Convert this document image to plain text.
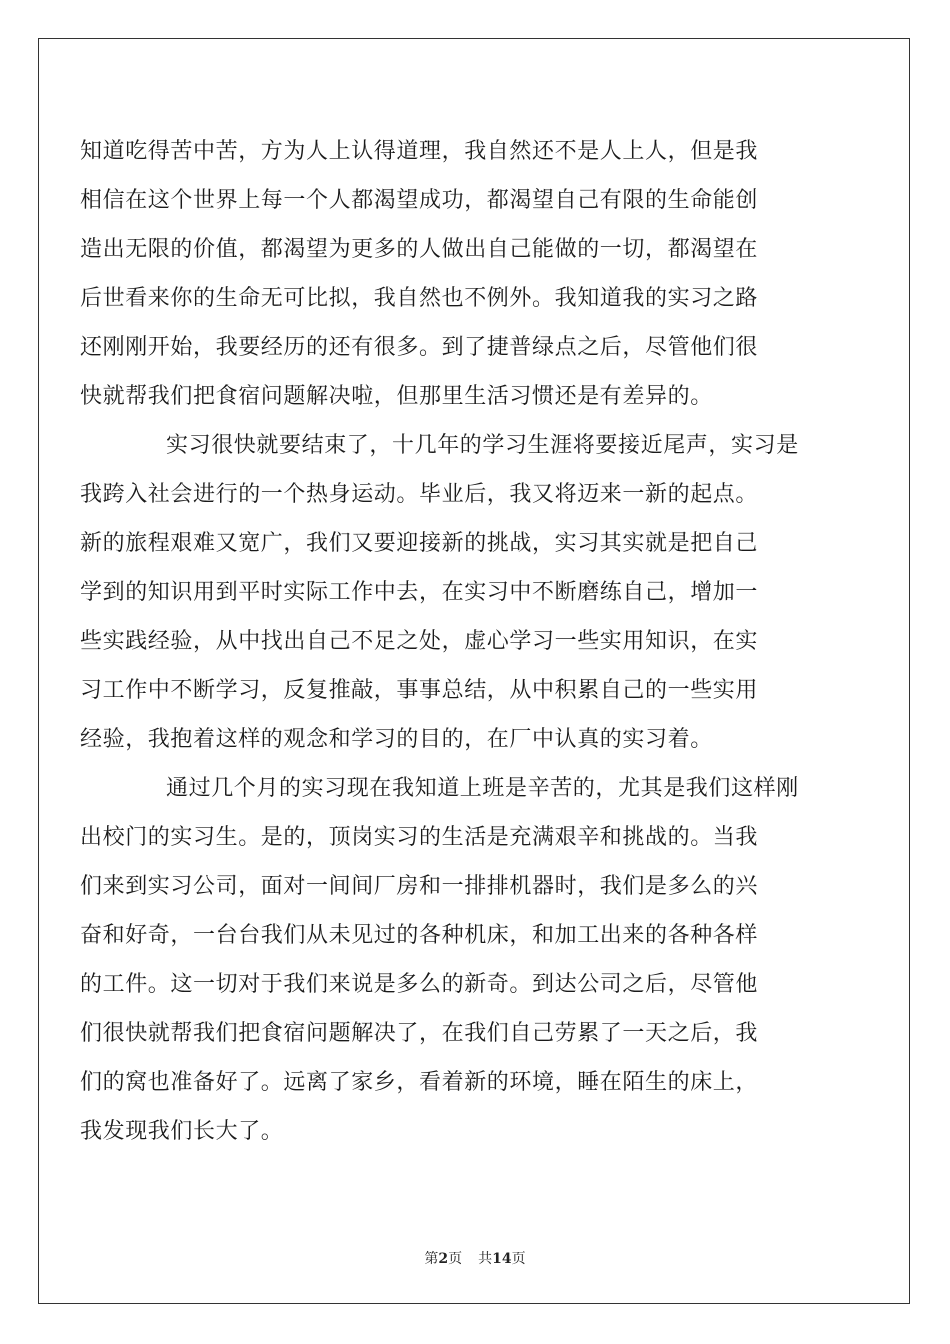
知道吃得苦中苦，方为人上认得道理，我自然还不是人上人，但是我
相信在这个世界上每一个人都渴望成功，都渴望自己有限的生命能创
造出无限的价值，都渴望为更多的人做出自己能做的一切，都渴望在
后世看来你的生命无可比拟，我自然也不例外。我知道我的实习之路
还刚刚开始，我要经历的还有很多。到了捷普绿点之后，尽管他们很
快就帮我们把食宿问题解决啦，但那里生活习惯还是有差异的。
实习很快就要结束了，十几年的学习生涯将要接近尾声，实习是
我跨入社会进行的一个热身运动。毕业后，我又将迈来一新的起点。
新的旅程艰难又宽广，我们又要迎接新的挑战，实习其实就是把自己
学到的知识用到平时实际工作中去，在实习中不断磨练自己，增加一
些实践经验，从中找出自己不足之处，虚心学习一些实用知识，在实
习工作中不断学习，反复推敲，事事总结，从中积累自己的一些实用
经验，我抱着这样的观念和学习的目的，在厂中认真的实习着。
通过几个月的实习现在我知道上班是辛苦的，尤其是我们这样刚
出校门的实习生。是的，顶岗实习的生活是充满艰辛和挑战的。当我
们来到实习公司，面对一间间厂房和一排排机器时，我们是多么的兴
奋和好奇，一台台我们从未见过的各种机床，和加工出来的各种各样
的工件。这一切对于我们来说是多么的新奇。到达公司之后，尽管他
们很快就帮我们把食宿问题解决了，在我们自己劳累了一天之后，我
们的窝也准备好了。远离了家乡，看着新的环境，睡在陌生的床上，
我发现我们长大了。
第2页 共14页
